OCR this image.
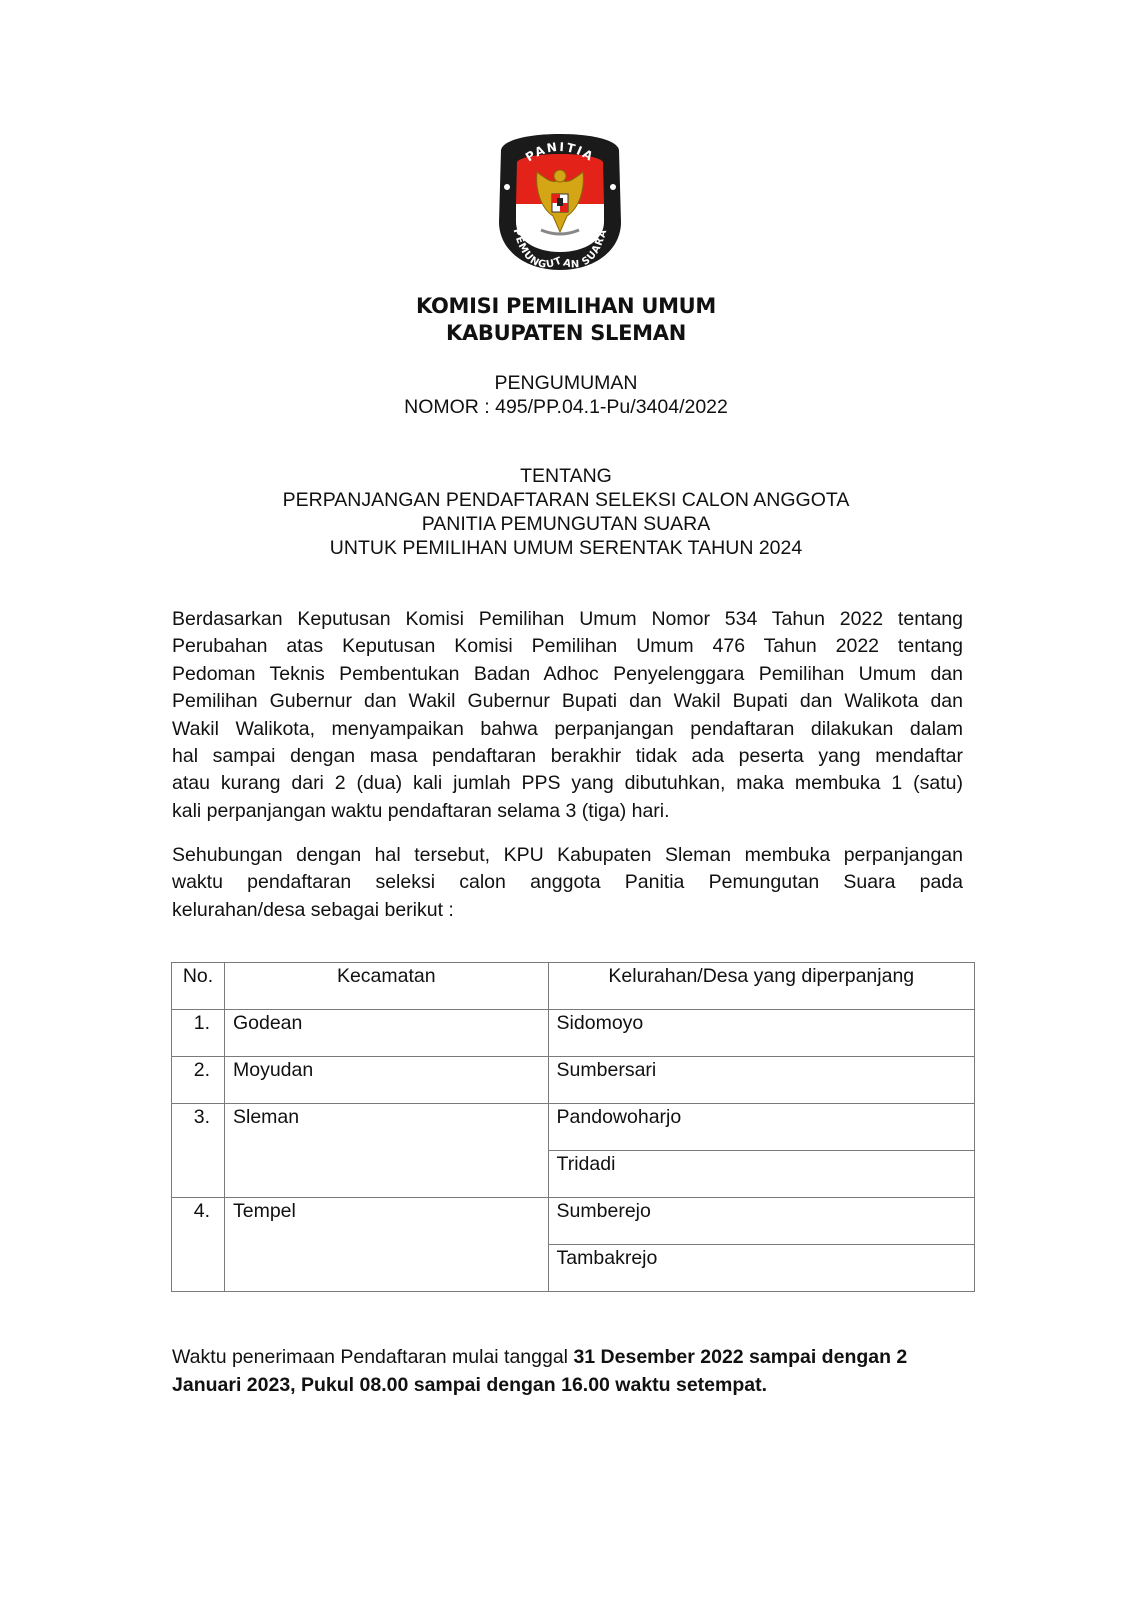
PANITIA
PEMUNGUTAN SUARA
KOMISI PEMILIHAN UMUM
KABUPATEN SLEMAN
PENGUMUMAN
NOMOR : 495/PP.04.1-Pu/3404/2022
TENTANG
PERPANJANGAN PENDAFTARAN SELEKSI CALON ANGGOTA
PANITIA PEMUNGUTAN SUARA
UNTUK PEMILIHAN UMUM SERENTAK TAHUN 2024
Berdasarkan Keputusan Komisi Pemilihan Umum Nomor 534 Tahun 2022 tentang
Perubahan atas Keputusan Komisi Pemilihan Umum 476 Tahun 2022 tentang
Pedoman Teknis Pembentukan Badan Adhoc Penyelenggara Pemilihan Umum dan
Pemilihan Gubernur dan Wakil Gubernur Bupati dan Wakil Bupati dan Walikota dan
Wakil Walikota, menyampaikan bahwa perpanjangan pendaftaran dilakukan dalam
hal sampai dengan masa pendaftaran berakhir tidak ada peserta yang mendaftar
atau kurang dari 2 (dua) kali jumlah PPS yang dibutuhkan, maka membuka 1 (satu)
kali perpanjangan waktu pendaftaran selama 3 (tiga) hari.
Sehubungan dengan hal tersebut, KPU Kabupaten Sleman membuka perpanjangan
waktu pendaftaran seleksi calon anggota Panitia Pemungutan Suara pada
kelurahan/desa sebagai berikut :
No.	Kecamatan	Kelurahan/Desa yang diperpanjang
1.	Godean	Sidomoyo
2.	Moyudan	Sumbersari
3.	Sleman	Pandowoharjo
		Tridadi
4.	Tempel	Sumberejo
		Tambakrejo
Waktu penerimaan Pendaftaran mulai tanggal 31 Desember 2022 sampai dengan 2
Januari 2023, Pukul 08.00 sampai dengan 16.00 waktu setempat.
